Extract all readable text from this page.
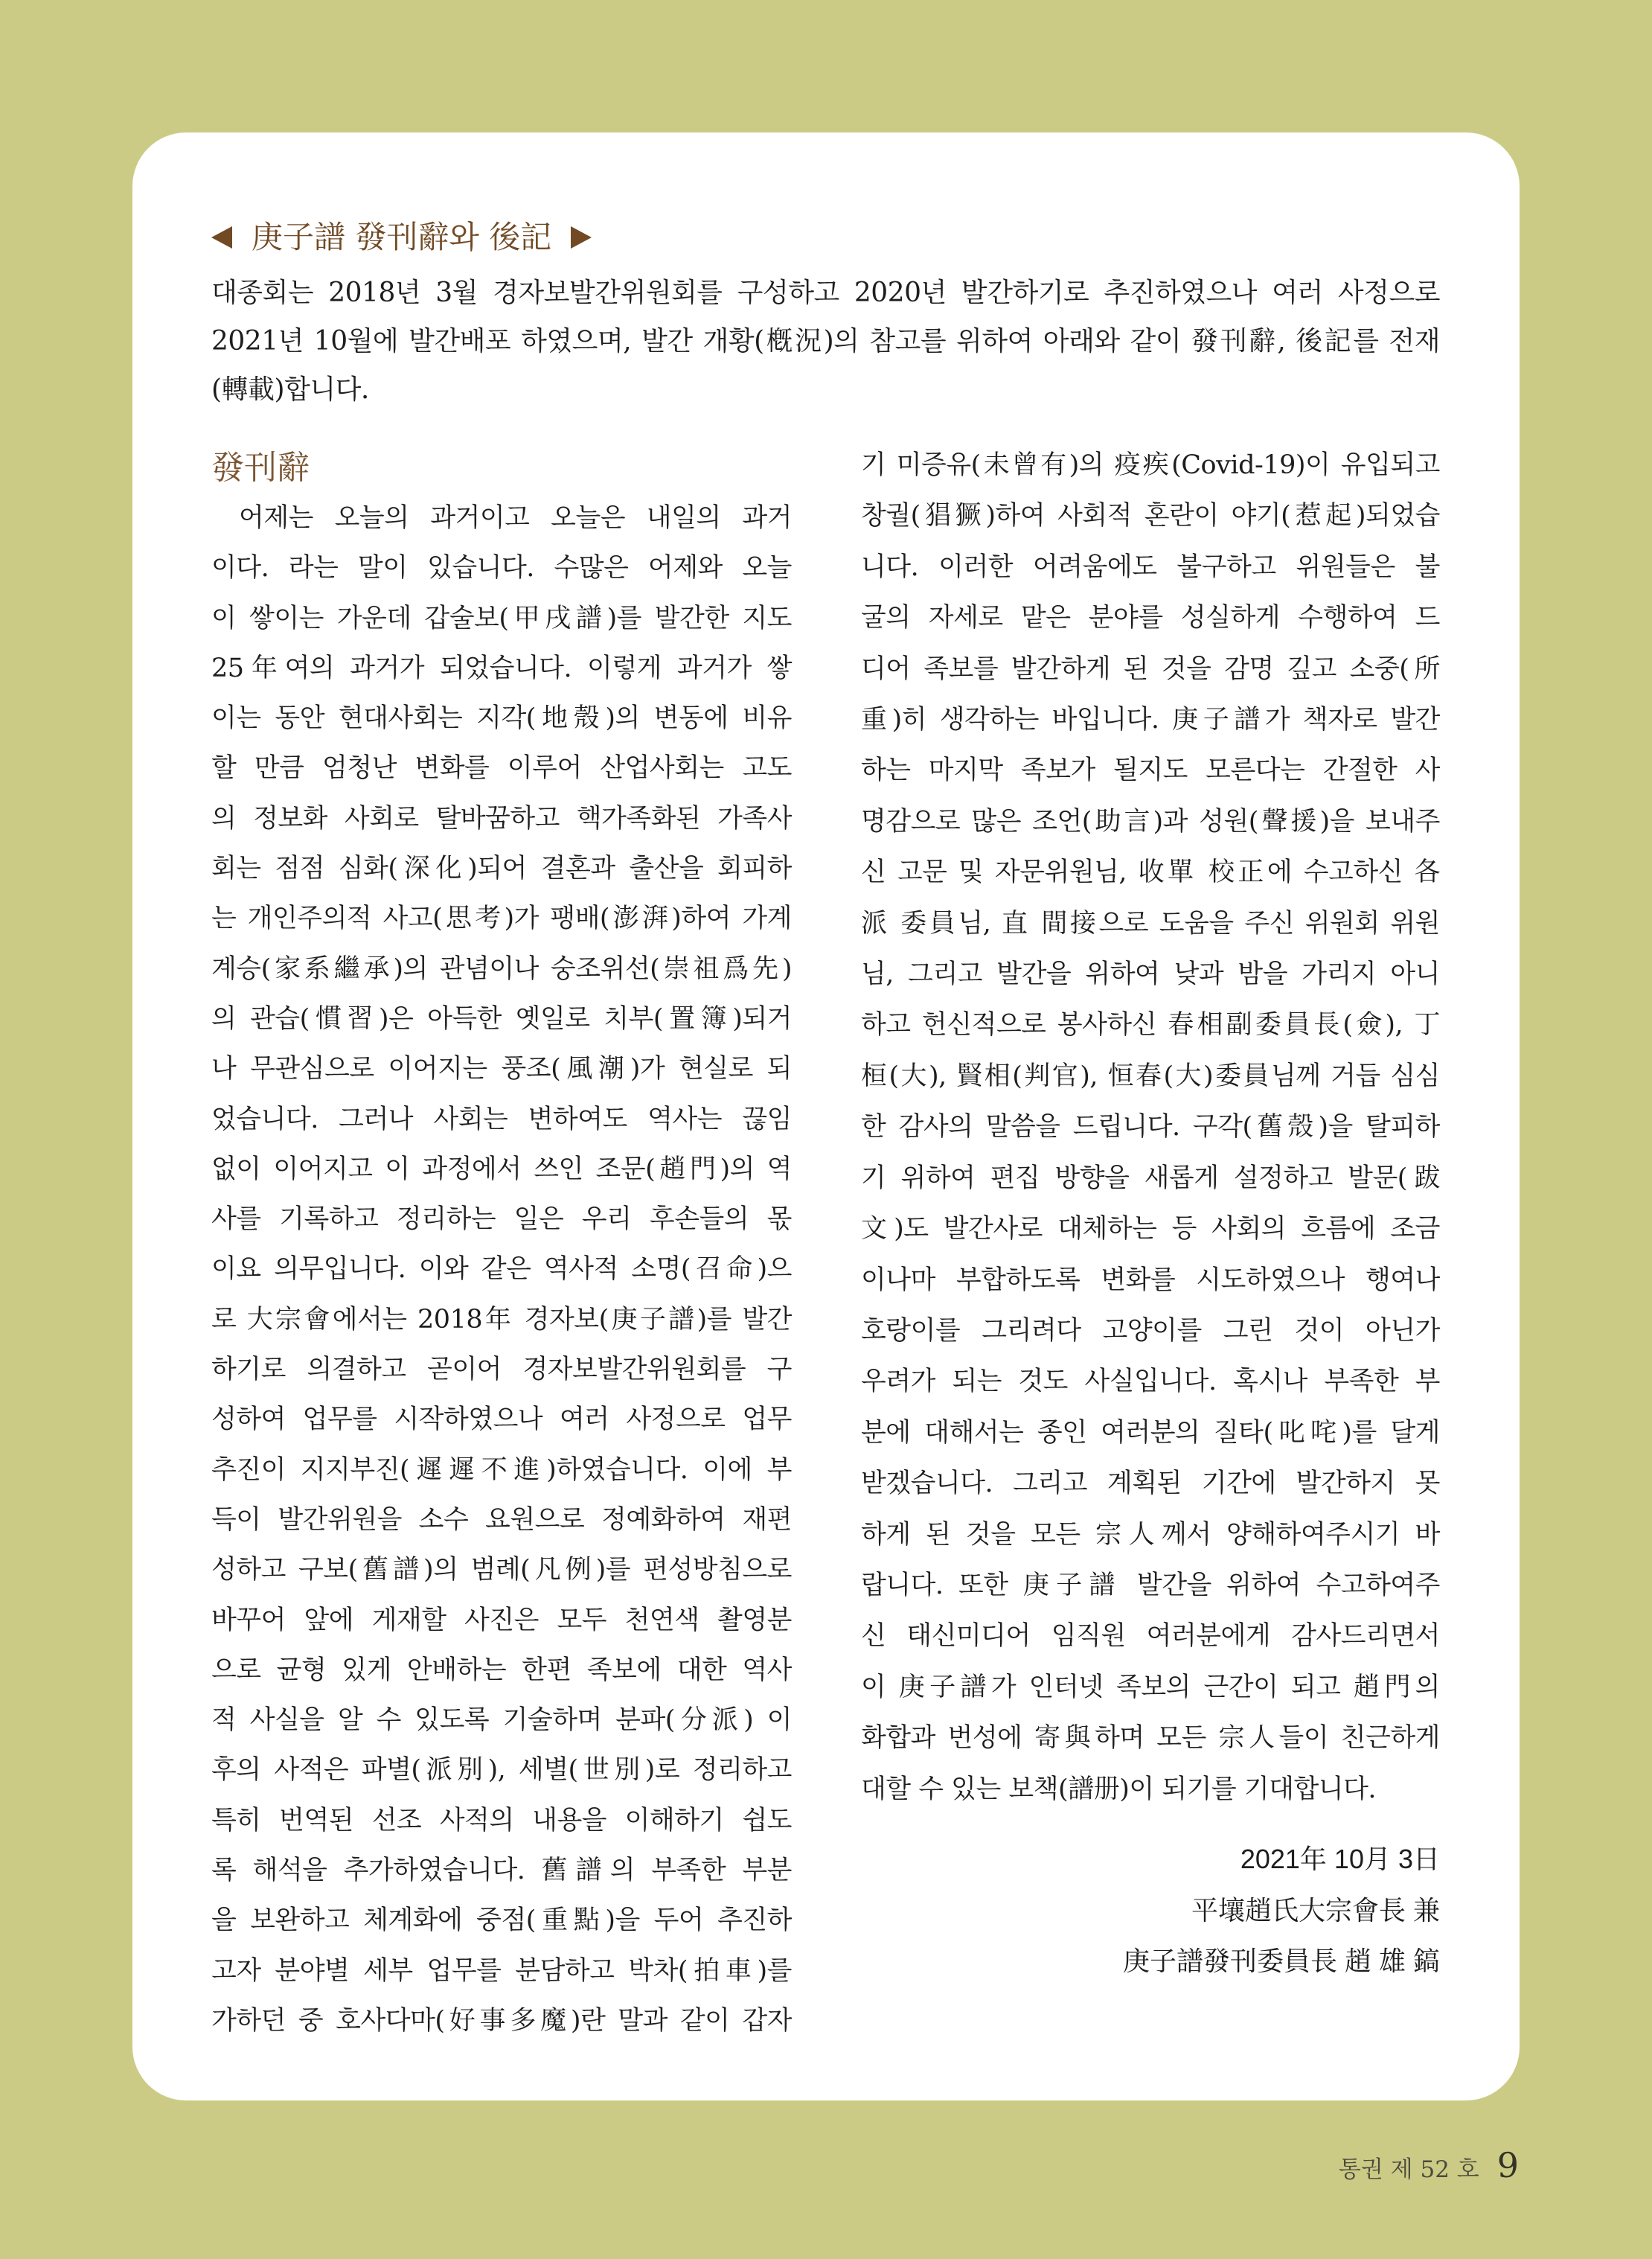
庚子譜 發刊辭와 後記
대종회는 2018년 3월 경자보발간위원회를 구성하고 2020년 발간하기로 추진하였으나 여러 사정으로
2021년 10월에 발간배포 하였으며, 발간 개황(槪況)의 참고를 위하여 아래와 같이 發刊辭, 後記를 전재
(轉載)합니다.
發刊辭
어제는 오늘의 과거이고 오늘은 내일의 과거
이다. 라는 말이 있습니다. 수많은 어제와 오늘
이 쌓이는 가운데 갑술보(甲戌譜)를 발간한 지도
25年여의 과거가 되었습니다. 이렇게 과거가 쌓
이는 동안 현대사회는 지각(地殼)의 변동에 비유
할 만큼 엄청난 변화를 이루어 산업사회는 고도
의 정보화 사회로 탈바꿈하고 핵가족화된 가족사
회는 점점 심화(深化)되어 결혼과 출산을 회피하
는 개인주의적 사고(思考)가 팽배(澎湃)하여 가계
계승(家系繼承)의 관념이나 숭조위선(崇祖爲先)
의 관습(慣習)은 아득한 옛일로 치부(置簿)되거
나 무관심으로 이어지는 풍조(風潮)가 현실로 되
었습니다. 그러나 사회는 변하여도 역사는 끊임
없이 이어지고 이 과정에서 쓰인 조문(趙門)의 역
사를 기록하고 정리하는 일은 우리 후손들의 몫
이요 의무입니다. 이와 같은 역사적 소명(召命)으
로 大宗會에서는 2018年 경자보(庚子譜)를 발간
하기로 의결하고 곧이어 경자보발간위원회를 구
성하여 업무를 시작하였으나 여러 사정으로 업무
추진이 지지부진(遲遲不進)하였습니다. 이에 부
득이 발간위원을 소수 요원으로 정예화하여 재편
성하고 구보(舊譜)의 범례(凡例)를 편성방침으로
바꾸어 앞에 게재할 사진은 모두 천연색 촬영분
으로 균형 있게 안배하는 한편 족보에 대한 역사
적 사실을 알 수 있도록 기술하며 분파(分派) 이
후의 사적은 파별(派別), 세별(世別)로 정리하고
특히 번역된 선조 사적의 내용을 이해하기 쉽도
록 해석을 추가하였습니다. 舊譜의 부족한 부분
을 보완하고 체계화에 중점(重點)을 두어 추진하
고자 분야별 세부 업무를 분담하고 박차(拍車)를
가하던 중 호사다마(好事多魔)란 말과 같이 갑자
기 미증유(未曾有)의 疫疾(Covid-19)이 유입되고
창궐(猖獗)하여 사회적 혼란이 야기(惹起)되었습
니다. 이러한 어려움에도 불구하고 위원들은 불
굴의 자세로 맡은 분야를 성실하게 수행하여 드
디어 족보를 발간하게 된 것을 감명 깊고 소중(所
重)히 생각하는 바입니다. 庚子譜가 책자로 발간
하는 마지막 족보가 될지도 모른다는 간절한 사
명감으로 많은 조언(助言)과 성원(聲援)을 보내주
신 고문 및 자문위원님, 收單 校正에 수고하신 各
派 委員님, 直 間接으로 도움을 주신 위원회 위원
님, 그리고 발간을 위하여 낮과 밤을 가리지 아니
하고 헌신적으로 봉사하신 春相副委員長(僉), 丁
桓(大), 賢相(判官), 恒春(大)委員님께 거듭 심심
한 감사의 말씀을 드립니다. 구각(舊殼)을 탈피하
기 위하여 편집 방향을 새롭게 설정하고 발문(跋
文)도 발간사로 대체하는 등 사회의 흐름에 조금
이나마 부합하도록 변화를 시도하였으나 행여나
호랑이를 그리려다 고양이를 그린 것이 아닌가
우려가 되는 것도 사실입니다. 혹시나 부족한 부
분에 대해서는 종인 여러분의 질타(叱咤)를 달게
받겠습니다. 그리고 계획된 기간에 발간하지 못
하게 된 것을 모든 宗人께서 양해하여주시기 바
랍니다. 또한 庚子譜 발간을 위하여 수고하여주
신 태신미디어 임직원 여러분에게 감사드리면서
이 庚子譜가 인터넷 족보의 근간이 되고 趙門의
화합과 번성에 寄與하며 모든 宗人들이 친근하게
대할 수 있는 보책(譜册)이 되기를 기대합니다.
2021年 10月 3日
平壤趙氏大宗會長 兼
庚子譜發刊委員長 趙 雄 鎬
통권 제 52 호 9
